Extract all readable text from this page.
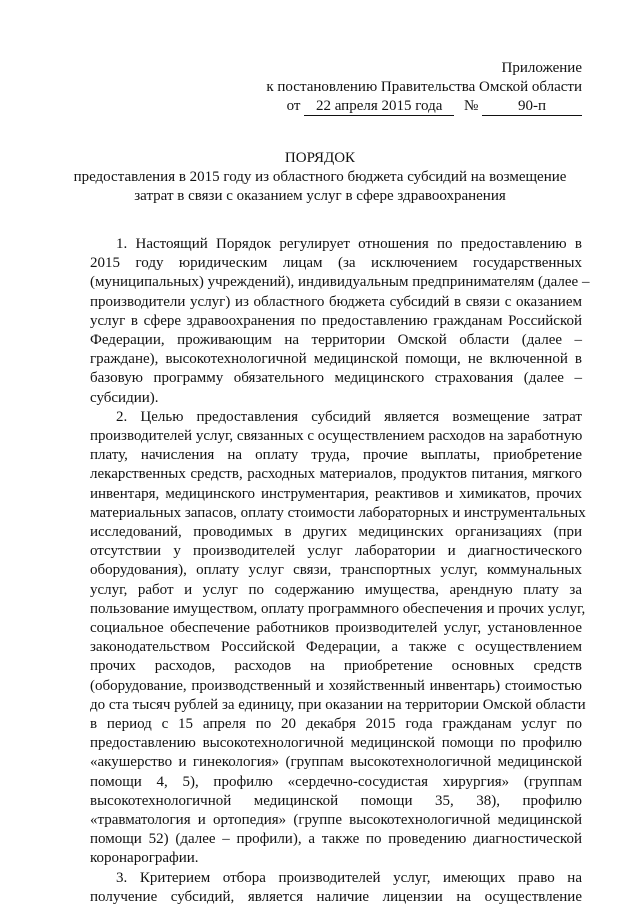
Приложение
к постановлению Правительства Омской области
от 22 апреля 2015 года №	90-п
ПОРЯДОК
предоставления в 2015 году из областного бюджета субсидий на возмещение
затрат в связи с оказанием услуг в сфере здравоохранения
1. Настоящий Порядок регулирует отношения по предоставлению в
2015 году юридическим лицам (за исключением государственных
(муниципальных) учреждений), индивидуальным предпринимателям (далее –
производители услуг) из областного бюджета субсидий в связи с оказанием
услуг в сфере здравоохранения по предоставлению гражданам Российской
Федерации, проживающим на территории Омской области (далее –
граждане), высокотехнологичной медицинской помощи, не включенной в
базовую программу обязательного медицинского страхования (далее –
субсидии).
2. Целью предоставления субсидий является возмещение затрат
производителей услуг, связанных с осуществлением расходов на заработную
плату, начисления на оплату труда, прочие выплаты, приобретение
лекарственных средств, расходных материалов, продуктов питания, мягкого
инвентаря, медицинского инструментария, реактивов и химикатов, прочих
материальных запасов, оплату стоимости лабораторных и инструментальных
исследований, проводимых в других медицинских организациях (при
отсутствии у производителей услуг лаборатории и диагностического
оборудования), оплату услуг связи, транспортных услуг, коммунальных
услуг, работ и услуг по содержанию имущества, арендную плату за
пользование имуществом, оплату программного обеспечения и прочих услуг,
социальное обеспечение работников производителей услуг, установленное
законодательством Российской Федерации, а также с осуществлением
прочих расходов, расходов на приобретение основных средств
(оборудование, производственный и хозяйственный инвентарь) стоимостью
до ста тысяч рублей за единицу, при оказании на территории Омской области
в период с 15 апреля по 20 декабря 2015 года гражданам услуг по
предоставлению высокотехнологичной медицинской помощи по профилю
«акушерство и гинекология» (группам высокотехнологичной медицинской
помощи 4, 5), профилю «сердечно-сосудистая хирургия» (группам
высокотехнологичной медицинской помощи 35, 38), профилю
«травматология и ортопедия» (группе высокотехнологичной медицинской
помощи 52) (далее – профили), а также по проведению диагностической
коронарографии.
3. Критерием отбора производителей услуг, имеющих право на
получение субсидий, является наличие лицензии на осуществление
